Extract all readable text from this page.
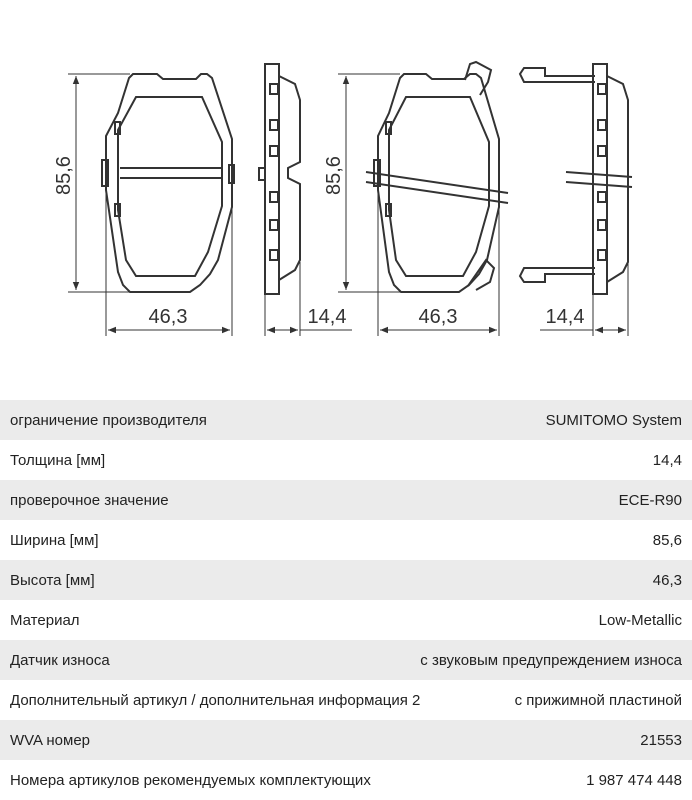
85,6
46,3	14,4
85,6
46,3	14,4
ограничение производителя	SUMITOMO System
Толщина [мм]	14,4
проверочное значение	ECE-R90
Ширина [мм]	85,6
Высота [мм]	46,3
Материал	Low-Metallic
Датчик износа	с звуковым предупреждением износа
Дополнительный артикул / дополнительная информация 2	с прижимной пластиной
WVA номер	21553
Номера артикулов рекомендуемых комплектующих	1 987 474 448
